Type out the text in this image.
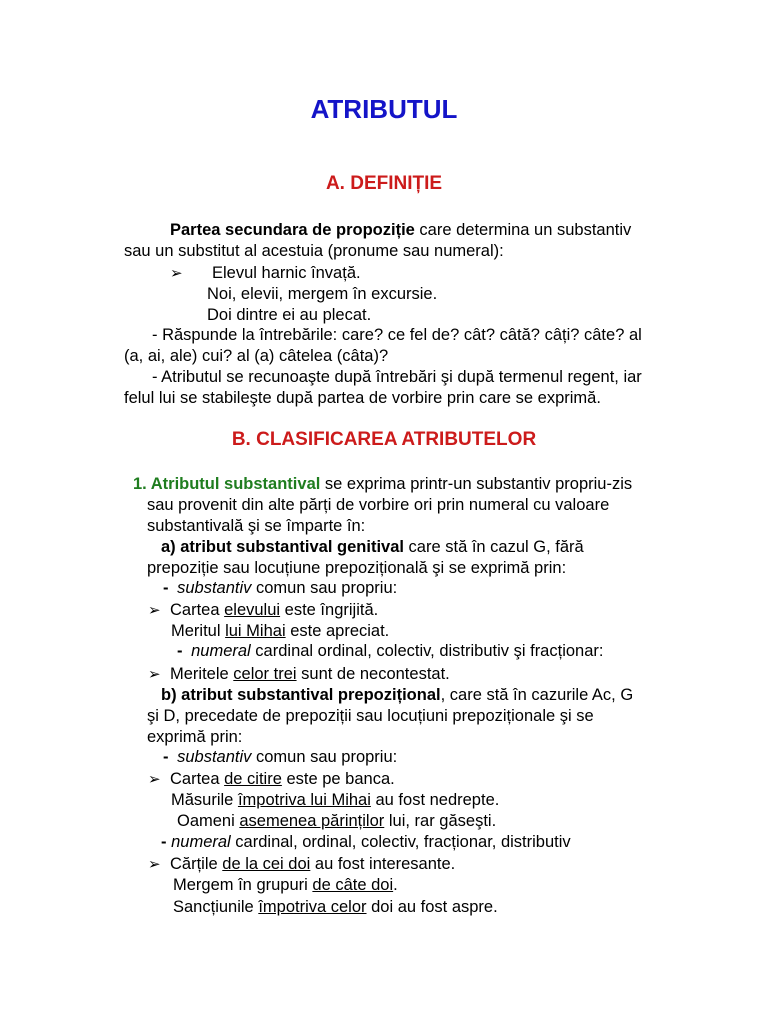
ATRIBUTUL
A. DEFINIȚIE
Partea secundara de propoziție care determina un substantiv
sau un substitut al acestuia (pronume sau numeral):
➢ Elevul harnic învață.
Noi, elevii, mergem în excursie.
Doi dintre ei au plecat.
- Răspunde la întrebările: care? ce fel de? cât? câtă? câți? câte? al
(a, ai, ale) cui? al (a) câtelea (câta)?
- Atributul se recunoaşte după întrebări şi după termenul regent, iar
felul lui se stabileşte după partea de vorbire prin care se exprimă.
B. CLASIFICAREA ATRIBUTELOR
1. Atributul substantival se exprima printr-un substantiv propriu-zis
sau provenit din alte părți de vorbire ori prin numeral cu valoare
substantivală şi se împarte în:
a) atribut substantival genitival care stă în cazul G, fără
prepoziție sau locuțiune prepozițională şi se exprimă prin:
- substantiv comun sau propriu:
➢ Cartea elevului este îngrijită.
Meritul lui Mihai este apreciat.
- numeral cardinal ordinal, colectiv, distributiv şi fracționar:
➢ Meritele celor trei sunt de necontestat.
b) atribut substantival prepozițional, care stă în cazurile Ac, G
şi D, precedate de prepoziții sau locuțiuni prepoziționale şi se
exprimă prin:
- substantiv comun sau propriu:
➢ Cartea de citire este pe banca.
Măsurile împotriva lui Mihai au fost nedrepte.
Oameni asemenea părinților lui, rar găseşti.
- numeral cardinal, ordinal, colectiv, fracționar, distributiv
➢ Cărțile de la cei doi au fost interesante.
Mergem în grupuri de câte doi.
Sancțiunile împotriva celor doi au fost aspre.
